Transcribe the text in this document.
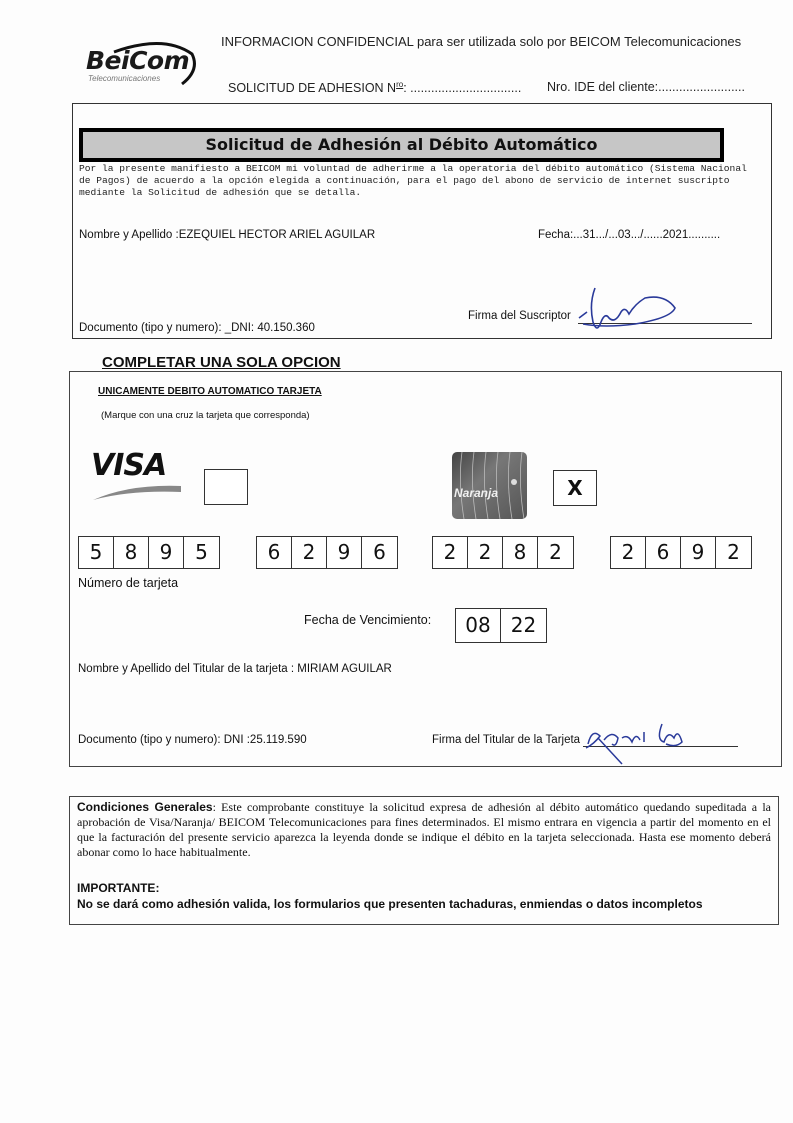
BeiCom
Telecomunicaciones
INFORMACION CONFIDENCIAL para ser utilizada solo por BEICOM Telecomunicaciones
SOLICITUD DE ADHESION $N^{ro}$: ................................ Nro. IDE del cliente:.........................
Solicitud de Adhesión al Débito Automático
Por la presente manifiesto a BEICOM mi voluntad de adherirme a la operatoria del débito automático (Sistema Nacional de Pagos) de acuerdo a la opción elegida a continuación, para el pago del abono de servicio de internet suscripto mediante la Solicitud de adhesión que se detalla.
Nombre y Apellido :EZEQUIEL HECTOR ARIEL AGUILAR	Fecha:...31.../...03.../......2021..........
Firma del Suscriptor
Documento (tipo y numero): _DNI: 40.150.360
COMPLETAR UNA SOLA OPCION
UNICAMENTE DEBITO AUTOMATICO TARJETA
(Marque con una cruz la tarjeta que corresponda)
VISA
Naranja	X
5	8	9	5	6	2	9	6	2	2	8	2	2	6	9	2
Número de tarjeta
Fecha de Vencimiento:	08	22
Nombre y Apellido del Titular de la tarjeta : MIRIAM AGUILAR
Documento (tipo y numero): DNI :25.119.590	Firma del Titular de la Tarjeta
Condiciones Generales: Este comprobante constituye la solicitud expresa de adhesión al débito automático quedando supeditada a la aprobación de Visa/Naranja/ BEICOM Telecomunicaciones para fines determinados. El mismo entrara en vigencia a partir del momento en el que la facturación del presente servicio aparezca la leyenda donde se indique el débito en la tarjeta seleccionada. Hasta ese momento deberá abonar como lo hace habitualmente.
IMPORTANTE:
No se dará como adhesión valida, los formularios que presenten tachaduras, enmiendas o datos incompletos
